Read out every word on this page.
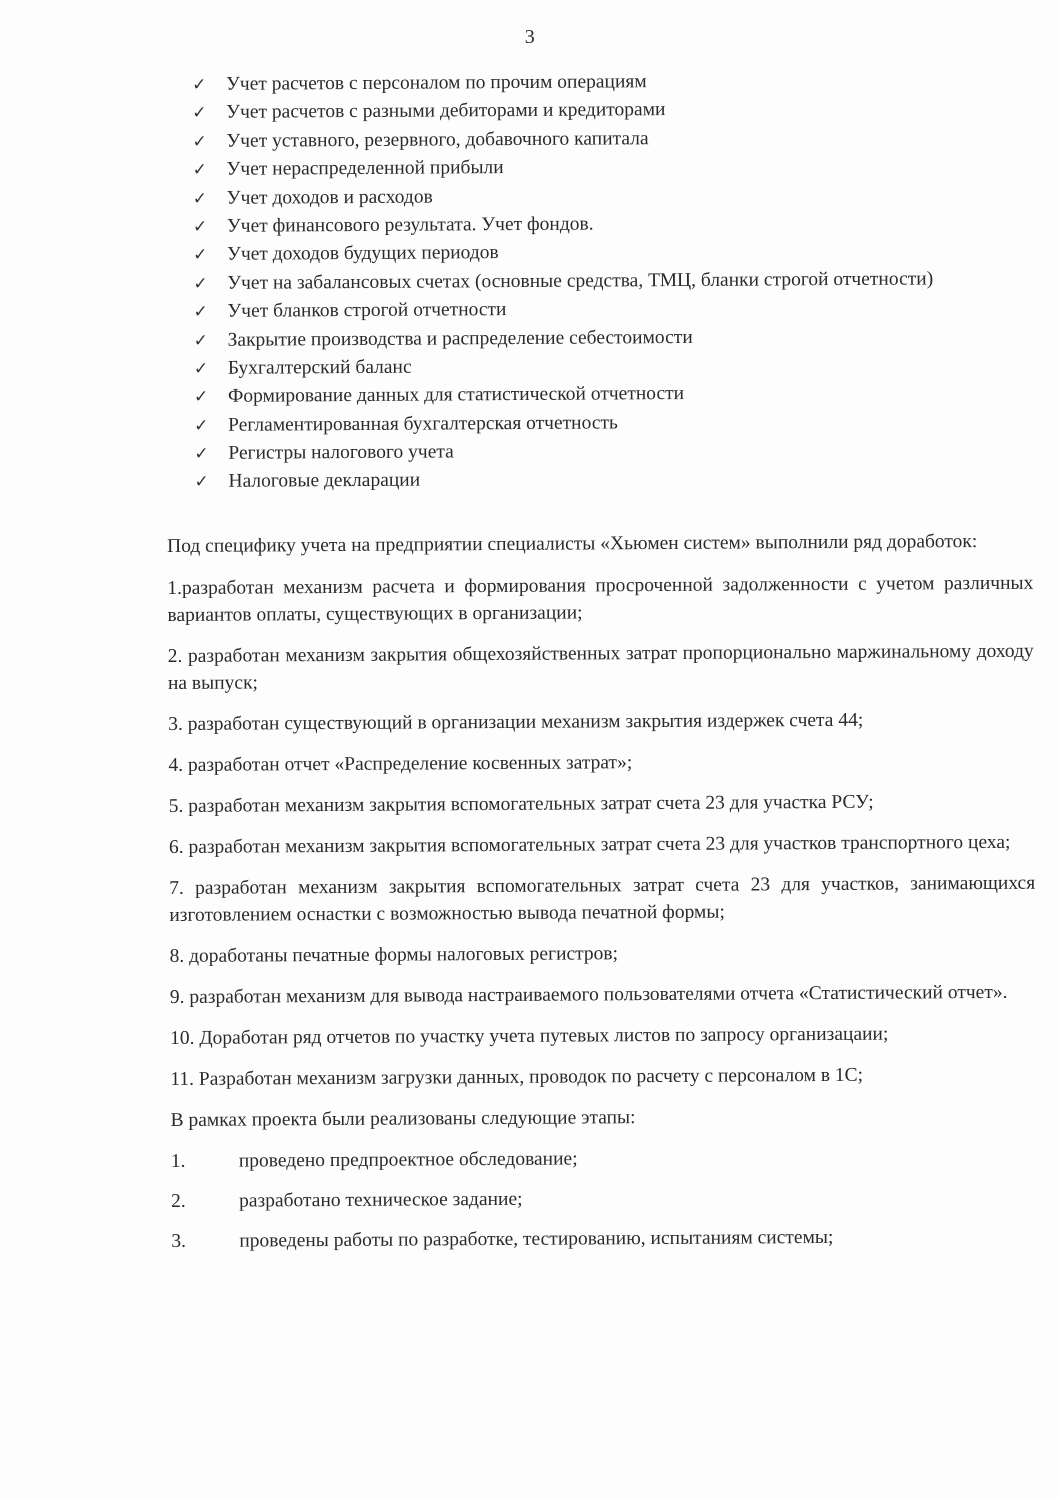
3
✓	Учет расчетов с персоналом по прочим операциям
✓	Учет расчетов с разными дебиторами и кредиторами
✓	Учет уставного, резервного, добавочного капитала
✓	Учет нераспределенной прибыли
✓	Учет доходов и расходов
✓	Учет финансового результата. Учет фондов.
✓	Учет доходов будущих периодов
✓	Учет на забалансовых счетах (основные средства, ТМЦ, бланки строгой отчетности)
✓	Учет бланков строгой отчетности
✓	Закрытие производства и распределение себестоимости
✓	Бухгалтерский баланс
✓	Формирование данных для статистической отчетности
✓	Регламентированная бухгалтерская отчетность
✓	Регистры налогового учета
✓	Налоговые декларации

Под специфику учета на предприятии специалисты «Хьюмен систем» выполнили ряд доработок:

1.разработан механизм расчета и формирования просроченной задолженности с учетом различных вариантов оплаты, существующих в организации;

2. разработан механизм закрытия общехозяйственных затрат пропорционально маржинальному доходу на выпуск;

3. разработан существующий в организации механизм закрытия издержек счета 44;

4. разработан отчет «Распределение косвенных затрат»;

5. разработан механизм закрытия вспомогательных затрат счета 23 для участка РСУ;

6. разработан механизм закрытия вспомогательных затрат счета 23 для участков транспортного цеха;

7. разработан механизм закрытия вспомогательных затрат счета 23 для участков, занимающихся изготовлением оснастки с возможностью вывода печатной формы;

8. доработаны печатные формы налоговых регистров;

9. разработан механизм для вывода настраиваемого пользователями отчета «Статистический отчет».

10. Доработан ряд отчетов по участку учета путевых листов по запросу организацаии;

11. Разработан механизм загрузки данных, проводок по расчету с персоналом в 1С;

В рамках проекта были реализованы следующие этапы:

1.	проведено предпроектное обследование;
2.	разработано техническое задание;
3.	проведены работы по разработке, тестированию, испытаниям системы;
